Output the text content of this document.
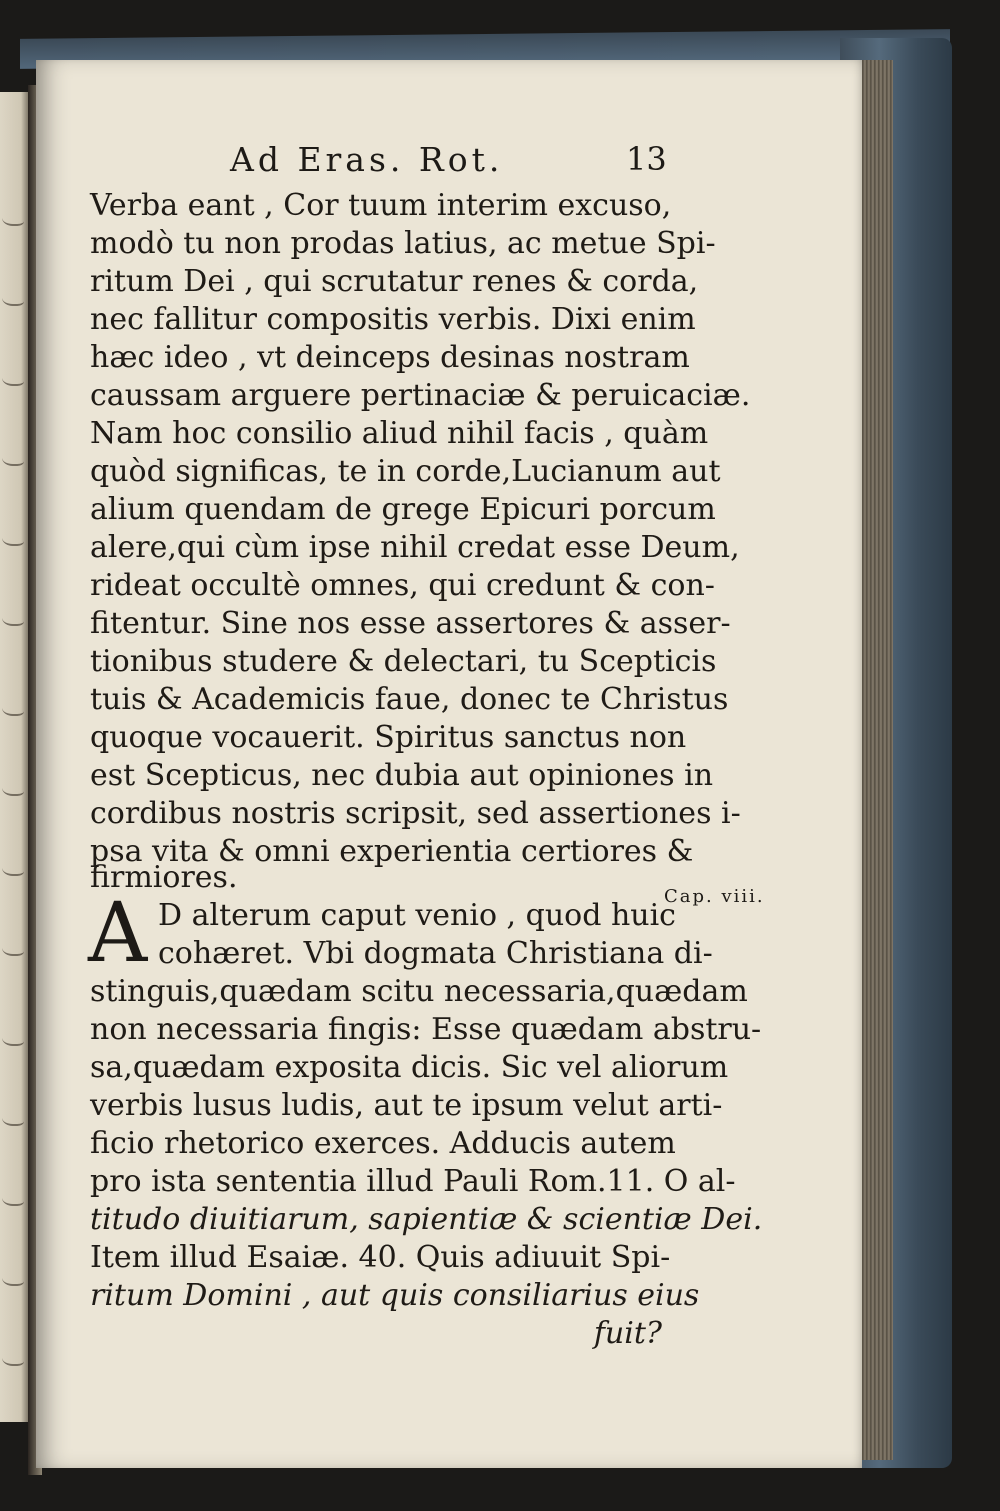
Ad Eras. Rot.	13
Cap. viii.
A
Verba eant , Cor tuum interim excuso,
modò tu non prodas latius, ac metue Spi-
ritum Dei , qui scrutatur renes & corda,
nec fallitur compositis verbis. Dixi enim
hæc ideo , vt deinceps desinas nostram
caussam arguere pertinaciæ & peruicaciæ.
Nam hoc consilio aliud nihil facis , quàm
quòd significas, te in corde,Lucianum aut
alium quendam de grege Epicuri porcum
alere,qui cùm ipse nihil credat esse Deum,
rideat occultè omnes, qui credunt & con-
fitentur. Sine nos esse assertores & asser-
tionibus studere & delectari, tu Scepticis
tuis & Academicis faue, donec te Christus
quoque vocauerit. Spiritus sanctus non
est Scepticus, nec dubia aut opiniones in
cordibus nostris scripsit, sed assertiones i-
psa vita & omni experientia certiores &
firmiores.
D alterum caput venio , quod huic
cohæret. Vbi dogmata Christiana di-
stinguis,quædam scitu necessaria,quædam
non necessaria fingis: Esse quædam abstru-
sa,quædam exposita dicis. Sic vel aliorum
verbis lusus ludis, aut te ipsum velut arti-
ficio rhetorico exerces. Adducis autem
pro ista sententia illud Pauli Rom.11. O al-
titudo diuitiarum, sapientiæ & scientiæ Dei.
Item illud Esaiæ. 40. Quis adiuuit Spi-
ritum Domini , aut quis consiliarius eius
fuit?
